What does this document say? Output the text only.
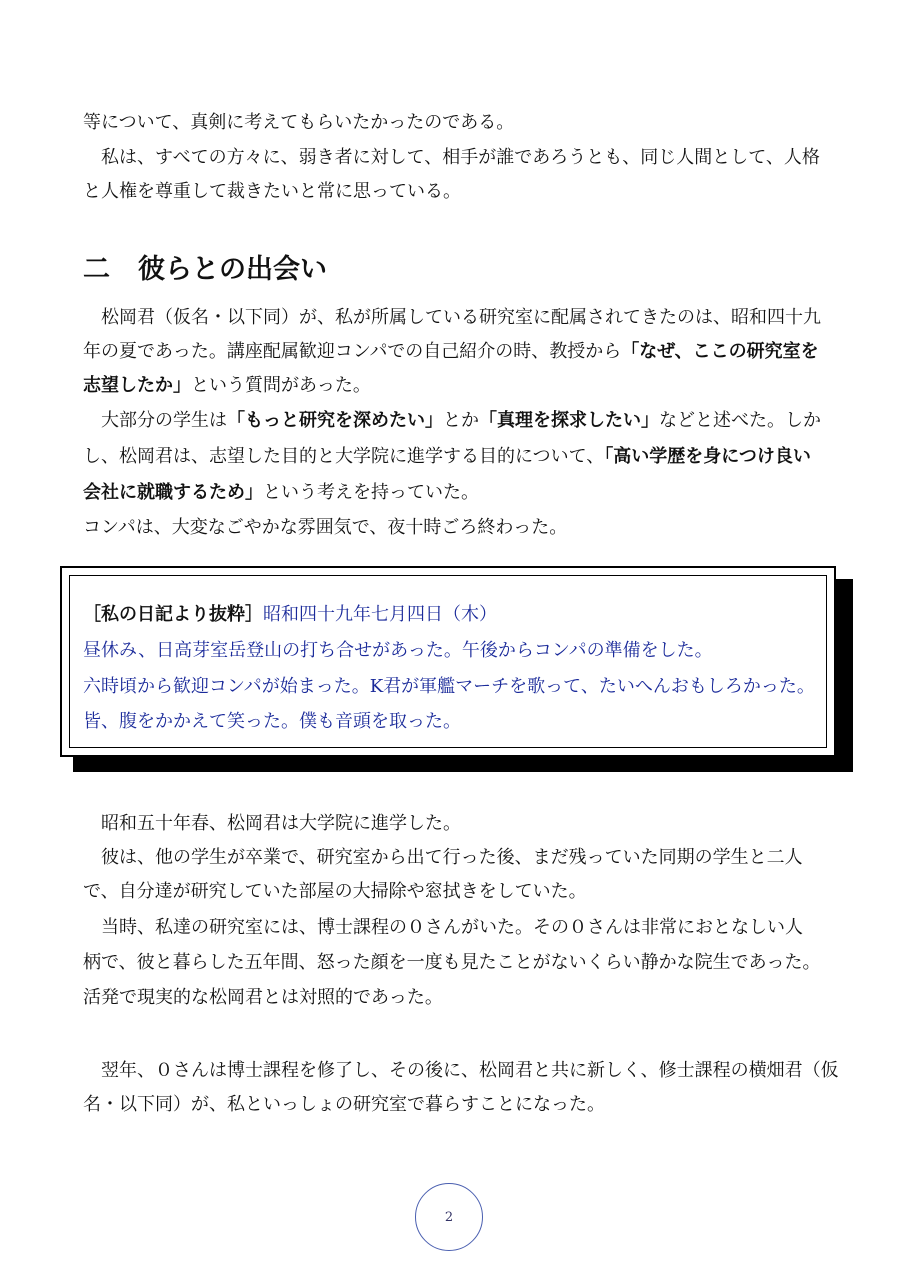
等について、真剣に考えてもらいたかったのである。

私は、すべての方々に、弱き者に対して、相手が誰であろうとも、同じ人間として、人格

と人権を尊重して裁きたいと常に思っている。

二 彼らとの出会い

松岡君（仮名・以下同）が、私が所属している研究室に配属されてきたのは、昭和四十九

年の夏であった。講座配属歓迎コンパでの自己紹介の時、教授から「なぜ、ここの研究室を

志望したか」という質問があった。

大部分の学生は「もっと研究を深めたい」とか「真理を探求したい」などと述べた。しか

し、松岡君は、志望した目的と大学院に進学する目的について、「高い学歴を身につけ良い

会社に就職するため」という考えを持っていた。

コンパは、大変なごやかな雰囲気で、夜十時ごろ終わった。

［私の日記より抜粋］昭和四十九年七月四日（木）
昼休み、日高芽室岳登山の打ち合せがあった。午後からコンパの準備をした。
六時頃から歓迎コンパが始まった。K君が軍艦マーチを歌って、たいへんおもしろかった。
皆、腹をかかえて笑った。僕も音頭を取った。

昭和五十年春、松岡君は大学院に進学した。

彼は、他の学生が卒業で、研究室から出て行った後、まだ残っていた同期の学生と二人

で、自分達が研究していた部屋の大掃除や窓拭きをしていた。

当時、私達の研究室には、博士課程の０さんがいた。その０さんは非常におとなしい人

柄で、彼と暮らした五年間、怒った顔を一度も見たことがないくらい静かな院生であった。

活発で現実的な松岡君とは対照的であった。

翌年、０さんは博士課程を修了し、その後に、松岡君と共に新しく、修士課程の横畑君（仮

名・以下同）が、私といっしょの研究室で暮らすことになった。

2
